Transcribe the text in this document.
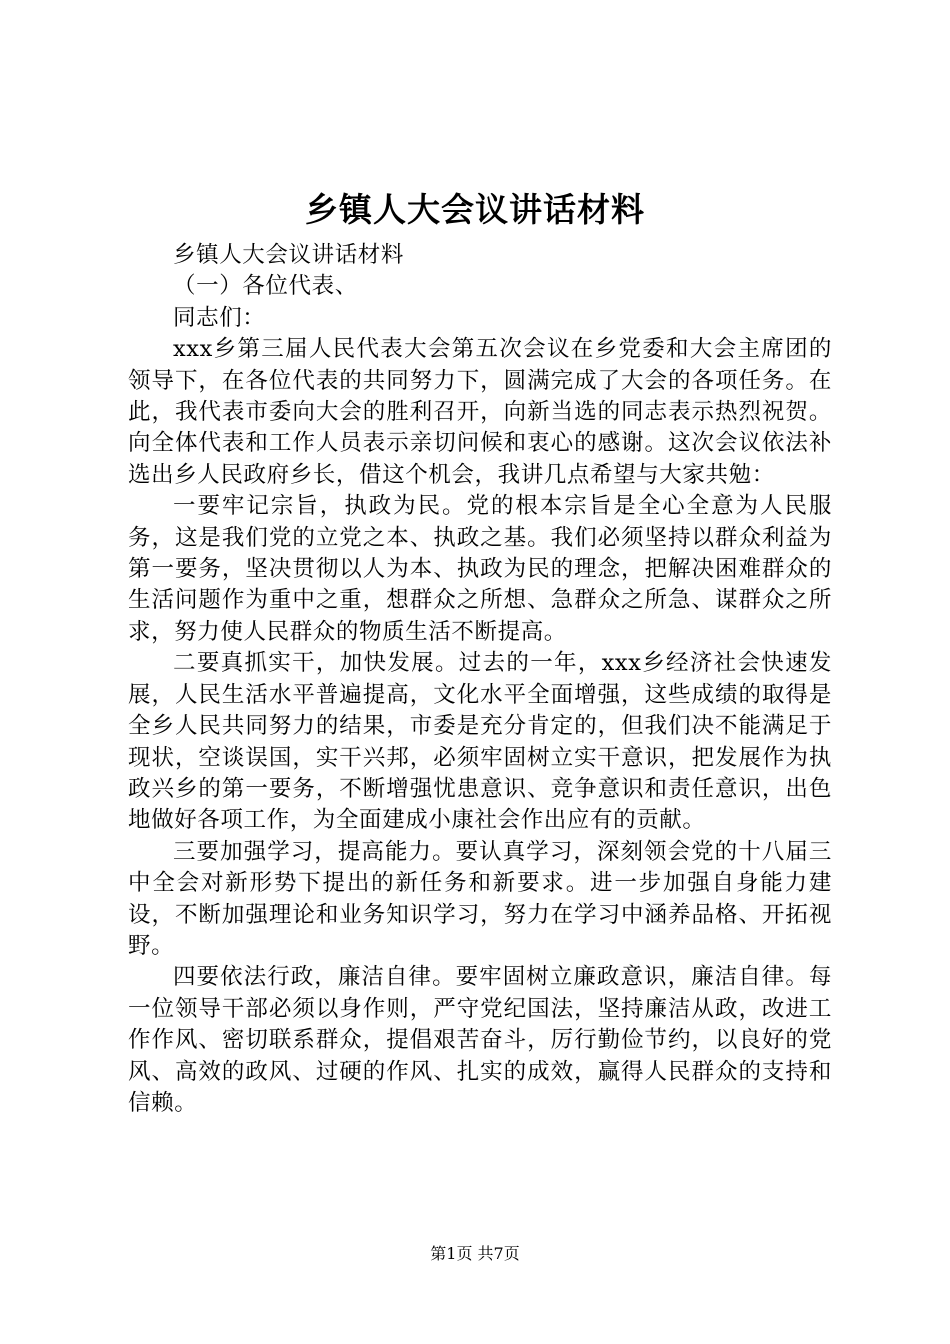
乡镇人大会议讲话材料

乡镇人大会议讲话材料

（一）各位代表、

同志们：

xxx乡第三届人民代表大会第五次会议在乡党委和大会主席团的领导下，在各位代表的共同努力下，圆满完成了大会的各项任务。在此，我代表市委向大会的胜利召开，向新当选的同志表示热烈祝贺。向全体代表和工作人员表示亲切问候和衷心的感谢。这次会议依法补选出乡人民政府乡长，借这个机会，我讲几点希望与大家共勉：

一要牢记宗旨，执政为民。党的根本宗旨是全心全意为人民服务，这是我们党的立党之本、执政之基。我们必须坚持以群众利益为第一要务，坚决贯彻以人为本、执政为民的理念，把解决困难群众的生活问题作为重中之重，想群众之所想、急群众之所急、谋群众之所求，努力使人民群众的物质生活不断提高。

二要真抓实干，加快发展。过去的一年，xxx乡经济社会快速发展，人民生活水平普遍提高，文化水平全面增强，这些成绩的取得是全乡人民共同努力的结果，市委是充分肯定的，但我们决不能满足于现状，空谈误国，实干兴邦，必须牢固树立实干意识，把发展作为执政兴乡的第一要务，不断增强忧患意识、竞争意识和责任意识，出色地做好各项工作，为全面建成小康社会作出应有的贡献。

三要加强学习，提高能力。要认真学习，深刻领会党的十八届三中全会对新形势下提出的新任务和新要求。进一步加强自身能力建设，不断加强理论和业务知识学习，努力在学习中涵养品格、开拓视野。

四要依法行政，廉洁自律。要牢固树立廉政意识，廉洁自律。每一位领导干部必须以身作则，严守党纪国法，坚持廉洁从政，改进工作作风、密切联系群众，提倡艰苦奋斗，厉行勤俭节约，以良好的党风、高效的政风、过硬的作风、扎实的成效，赢得人民群众的支持和信赖。

第1页 共7页
